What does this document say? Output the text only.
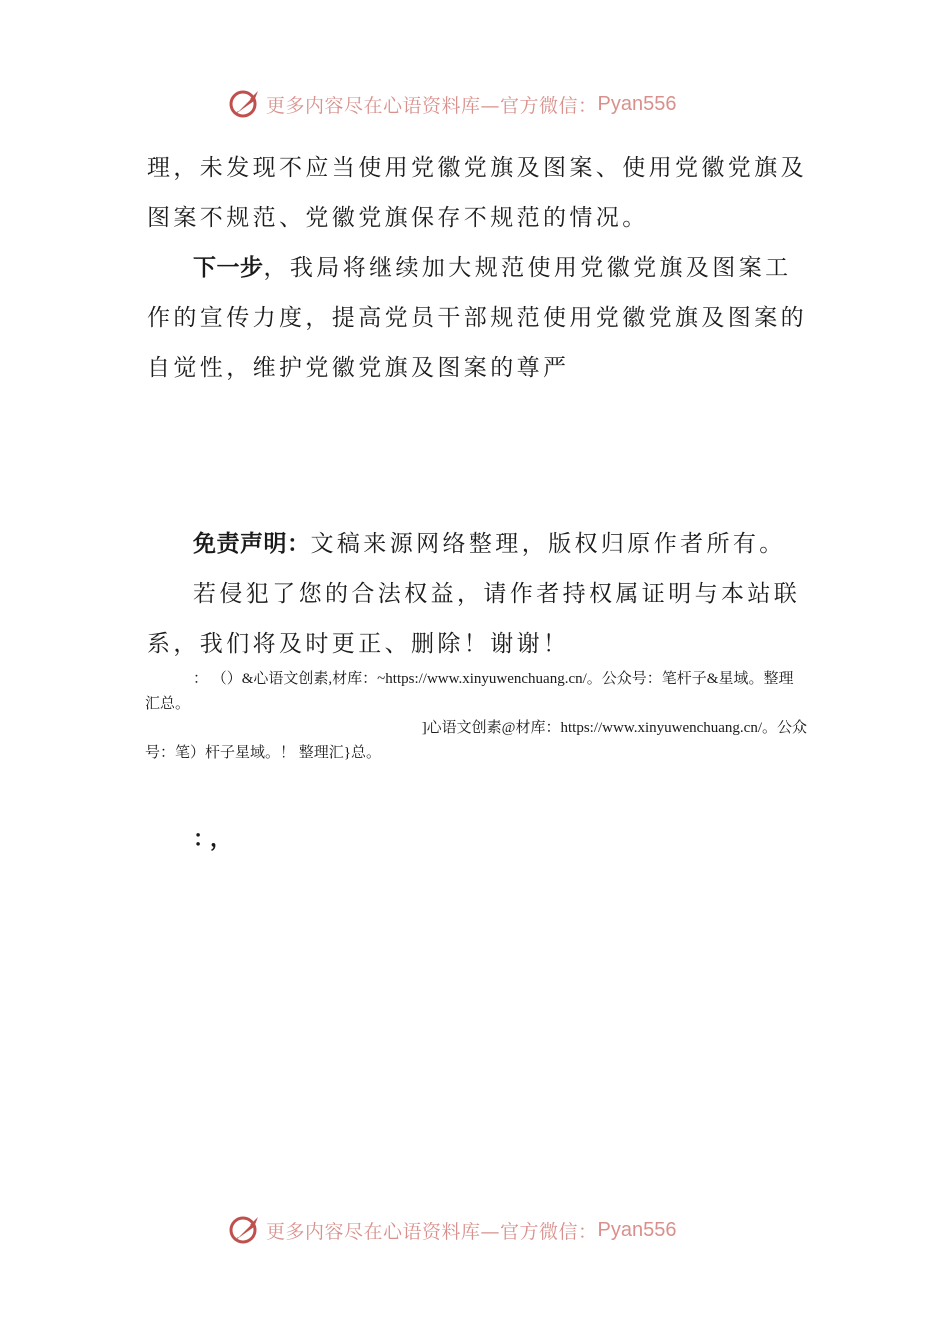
更多内容尽在心语资料库—官方微信： Pyan556

理，未发现不应当使用党徽党旗及图案、使用党徽党旗及图案不规范、党徽党旗保存不规范的情况。

下一步，我局将继续加大规范使用党徽党旗及图案工作的宣传力度，提高党员干部规范使用党徽党旗及图案的自觉性，维护党徽党旗及图案的尊严

免责声明：文稿来源网络整理，版权归原作者所有。

若侵犯了您的合法权益，请作者持权属证明与本站联系，我们将及时更正、删除！谢谢！

： （）&心语文创素,材库：~https://www.xinyuwenchuang.cn/。公众号：笔杆子&星域。整理汇总。

]心语文创素@材库：https://www.xinyuwenchuang.cn/。公众
号：笔）杆子星域。！ 整理汇}总。

：，
更多内容尽在心语资料库—官方微信： Pyan556
